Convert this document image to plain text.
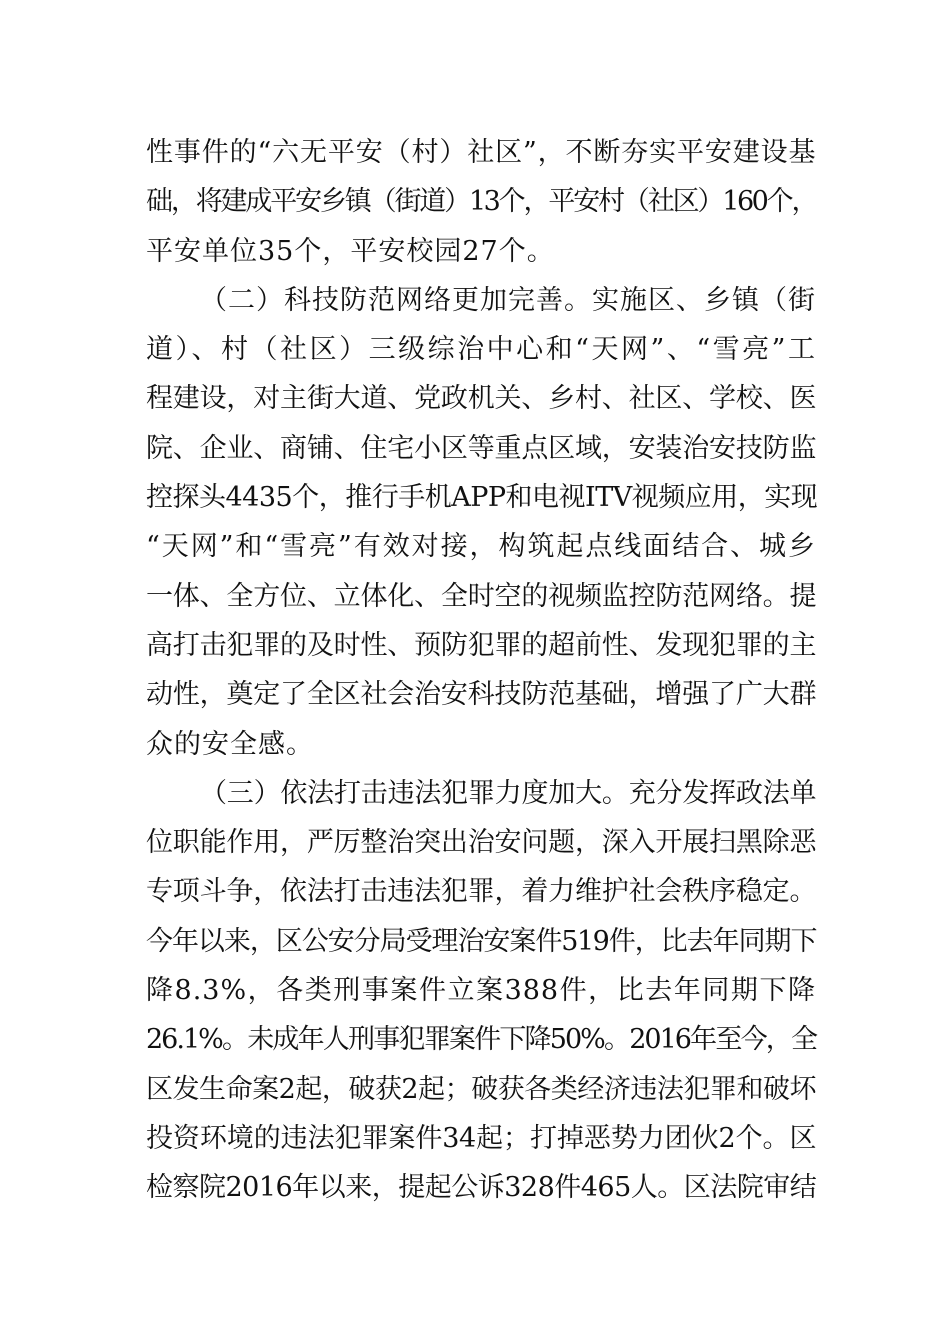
性事件的“六无平安（村）社区”，不断夯实平安建设基
础，将建成平安乡镇（街道）13个，平安村（社区）160个，
平安单位35个，平安校园27个。
（二）科技防范网络更加完善。实施区、乡镇（街
道）、村（社区）三级综治中心和“天网”、“雪亮”工
程建设，对主街大道、党政机关、乡村、社区、学校、医
院、企业、商铺、住宅小区等重点区域，安装治安技防监
控探头4435个，推行手机APP和电视ITV视频应用，实现
“天网”和“雪亮”有效对接，构筑起点线面结合、城乡
一体、全方位、立体化、全时空的视频监控防范网络。提
高打击犯罪的及时性、预防犯罪的超前性、发现犯罪的主
动性，奠定了全区社会治安科技防范基础，增强了广大群
众的安全感。
（三）依法打击违法犯罪力度加大。充分发挥政法单
位职能作用，严厉整治突出治安问题，深入开展扫黑除恶
专项斗争，依法打击违法犯罪，着力维护社会秩序稳定。
今年以来，区公安分局受理治安案件519件，比去年同期下
降8.3%，各类刑事案件立案388件，比去年同期下降
26.1%。未成年人刑事犯罪案件下降50%。2016年至今，全
区发生命案2起，破获2起；破获各类经济违法犯罪和破坏
投资环境的违法犯罪案件34起；打掉恶势力团伙2个。区
检察院2016年以来，提起公诉328件465人。区法院审结
